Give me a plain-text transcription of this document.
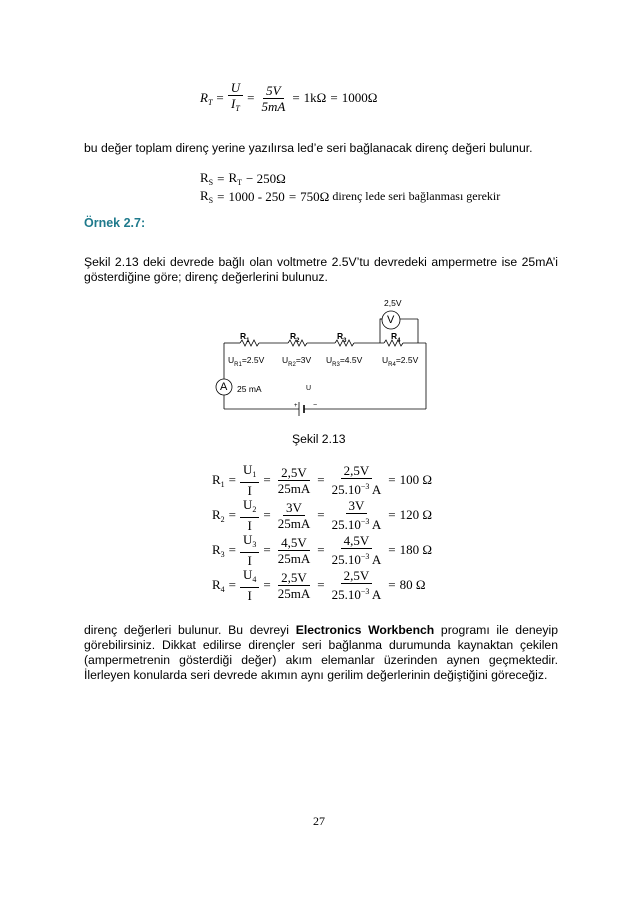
$R_T = \frac{U}{I_T} = \frac{5V}{5mA} = 1k\Omega = 1000\Omega$

bu değer toplam direnç yerine yazılırsa led’e seri bağlanacak direnç değeri bulunur.

$R_S = R_T - 250\Omega$
$R_S = 1000 - 250 = 750\Omega$ direnç lede seri bağlanması gerekir
Örnek 2.7:

Şekil 2.13 deki devrede bağlı olan voltmetre 2.5V’tu devredeki ampermetre ise 25mA’i gösterdiğine göre; direnç değerlerini bulunuz.

2,5V
V
A 25 mA	U
+ −
$R_1$	$R_2$	$R_3$	$R_4$
$U_{R1}=2.5V$ $U_{R2}=3V$ $U_{R3}=4.5V$ $U_{R4}=2.5V$
Şekil 2.13
$R_1 = \frac{U_1}{I} = \frac{2,5V}{25mA} = \frac{2,5V}{25.10^{-3} A} = 100$ Ω
$R_2 = \frac{U_2}{I} = \frac{3V}{25mA} = \frac{3V}{25.10^{-3} A} = 120$ Ω
$R_3 = \frac{U_3}{I} = \frac{4,5V}{25mA} = \frac{4,5V}{25.10^{-3} A} = 180$ Ω
$R_4 = \frac{U_4}{I} = \frac{2,5V}{25mA} = \frac{2,5V}{25.10^{-3} A} = 80$ Ω

direnç değerleri bulunur. Bu devreyi Electronics Workbench programı ile deneyip görebilirsiniz. Dikkat edilirse dirençler seri bağlanma durumunda kaynaktan çekilen (ampermetrenin gösterdiği değer) akım elemanlar üzerinden aynen geçmektedir. İlerleyen konularda seri devrede akımın aynı gerilim değerlerinin değiştiğini göreceğiz.

27
